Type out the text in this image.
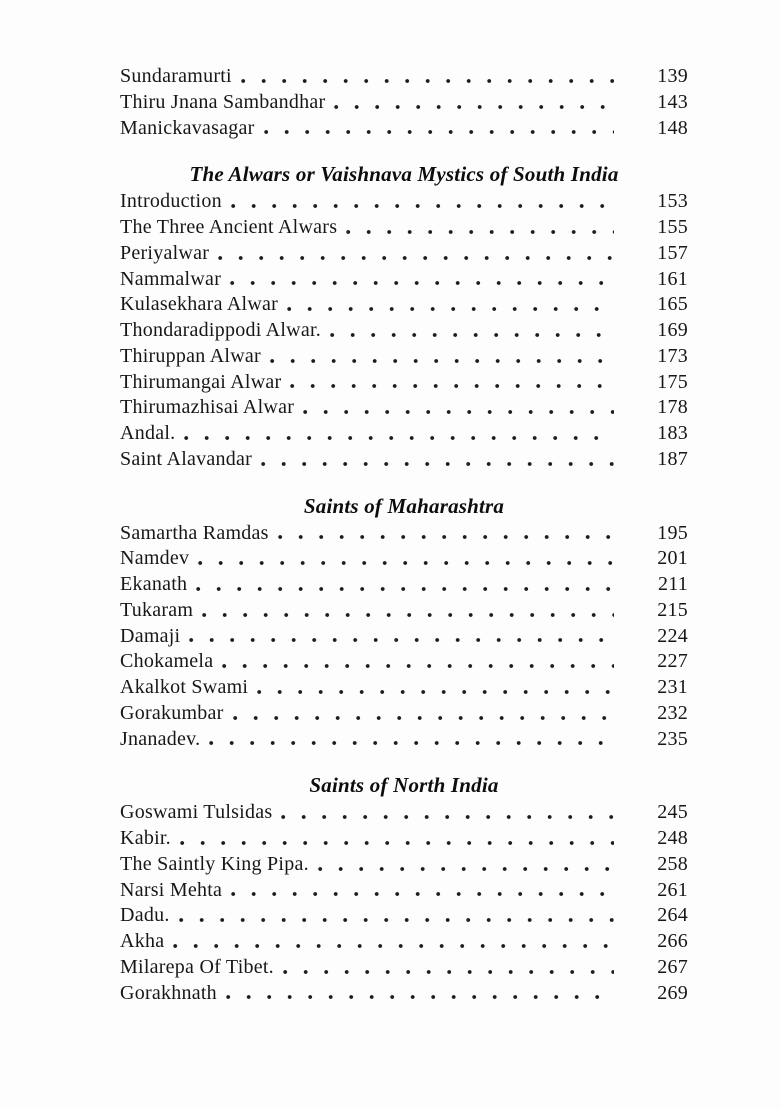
Sundaramurti	139
Thiru Jnana Sambandhar	143
Manickavasagar	148
The Alwars or Vaishnava Mystics of South India
Introduction	153
The Three Ancient Alwars	155
Periyalwar	157
Nammalwar	161
Kulasekhara Alwar	165
Thondaradippodi Alwar.	169
Thiruppan Alwar	173
Thirumangai Alwar	175
Thirumazhisai Alwar	178
Andal.	183
Saint Alavandar	187
Saints of Maharashtra
Samartha Ramdas	195
Namdev	201
Ekanath	211
Tukaram	215
Damaji	224
Chokamela	227
Akalkot Swami	231
Gorakumbar	232
Jnanadev.	235
Saints of North India
Goswami Tulsidas	245
Kabir.	248
The Saintly King Pipa.	258
Narsi Mehta	261
Dadu.	264
Akha	266
Milarepa Of Tibet.	267
Gorakhnath	269
